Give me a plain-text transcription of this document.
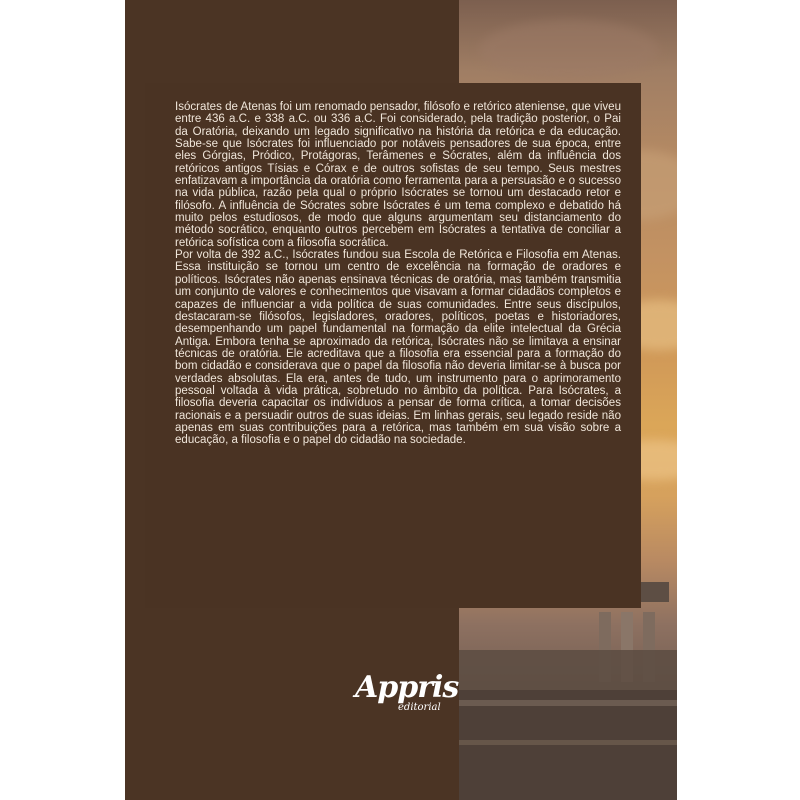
Isócrates de Atenas foi um renomado pensador, filósofo e retórico ateniense, que viveu entre 436 a.C. e 338 a.C. ou 336 a.C. Foi considerado, pela tradição posterior, o Pai da Oratória, deixando um legado significativo na história da retórica e da educação. Sabe-se que Isócrates foi influenciado por notáveis pensadores de sua época, entre eles Górgias, Pródico, Protágoras, Terâmenes e Sócrates, além da influência dos retóricos antigos Tísias e Córax e de outros sofistas de seu tempo. Seus mestres enfatizavam a importância da oratória como ferramenta para a persuasão e o sucesso na vida pública, razão pela qual o próprio Isócrates se tornou um destacado retor e filósofo. A influência de Sócrates sobre Isócrates é um tema complexo e debatido há muito pelos estudiosos, de modo que alguns argumentam seu distanciamento do método socrático, enquanto outros percebem em Isócrates a tentativa de conciliar a retórica sofística com a filosofia socrática.

Por volta de 392 a.C., Isócrates fundou sua Escola de Retórica e Filosofia em Atenas. Essa instituição se tornou um centro de excelência na formação de oradores e políticos. Isócrates não apenas ensinava técnicas de oratória, mas também transmitia um conjunto de valores e conhecimentos que visavam a formar cidadãos completos e capazes de influenciar a vida política de suas comunidades. Entre seus discípulos, destacaram-se filósofos, legisladores, oradores, políticos, poetas e historiadores, desempenhando um papel fundamental na formação da elite intelectual da Grécia Antiga. Embora tenha se aproximado da retórica, Isócrates não se limitava a ensinar técnicas de oratória. Ele acreditava que a filosofia era essencial para a formação do bom cidadão e considerava que o papel da filosofia não deveria limitar-se à busca por verdades absolutas. Ela era, antes de tudo, um instrumento para o aprimoramento pessoal voltada à vida prática, sobretudo no âmbito da política. Para Isócrates, a filosofia deveria capacitar os indivíduos a pensar de forma crítica, a tomar decisões racionais e a persuadir outros de suas ideias. Em linhas gerais, seu legado reside não apenas em suas contribuições para a retórica, mas também em sua visão sobre a educação, a filosofia e o papel do cidadão na sociedade.

Appris
editorial
